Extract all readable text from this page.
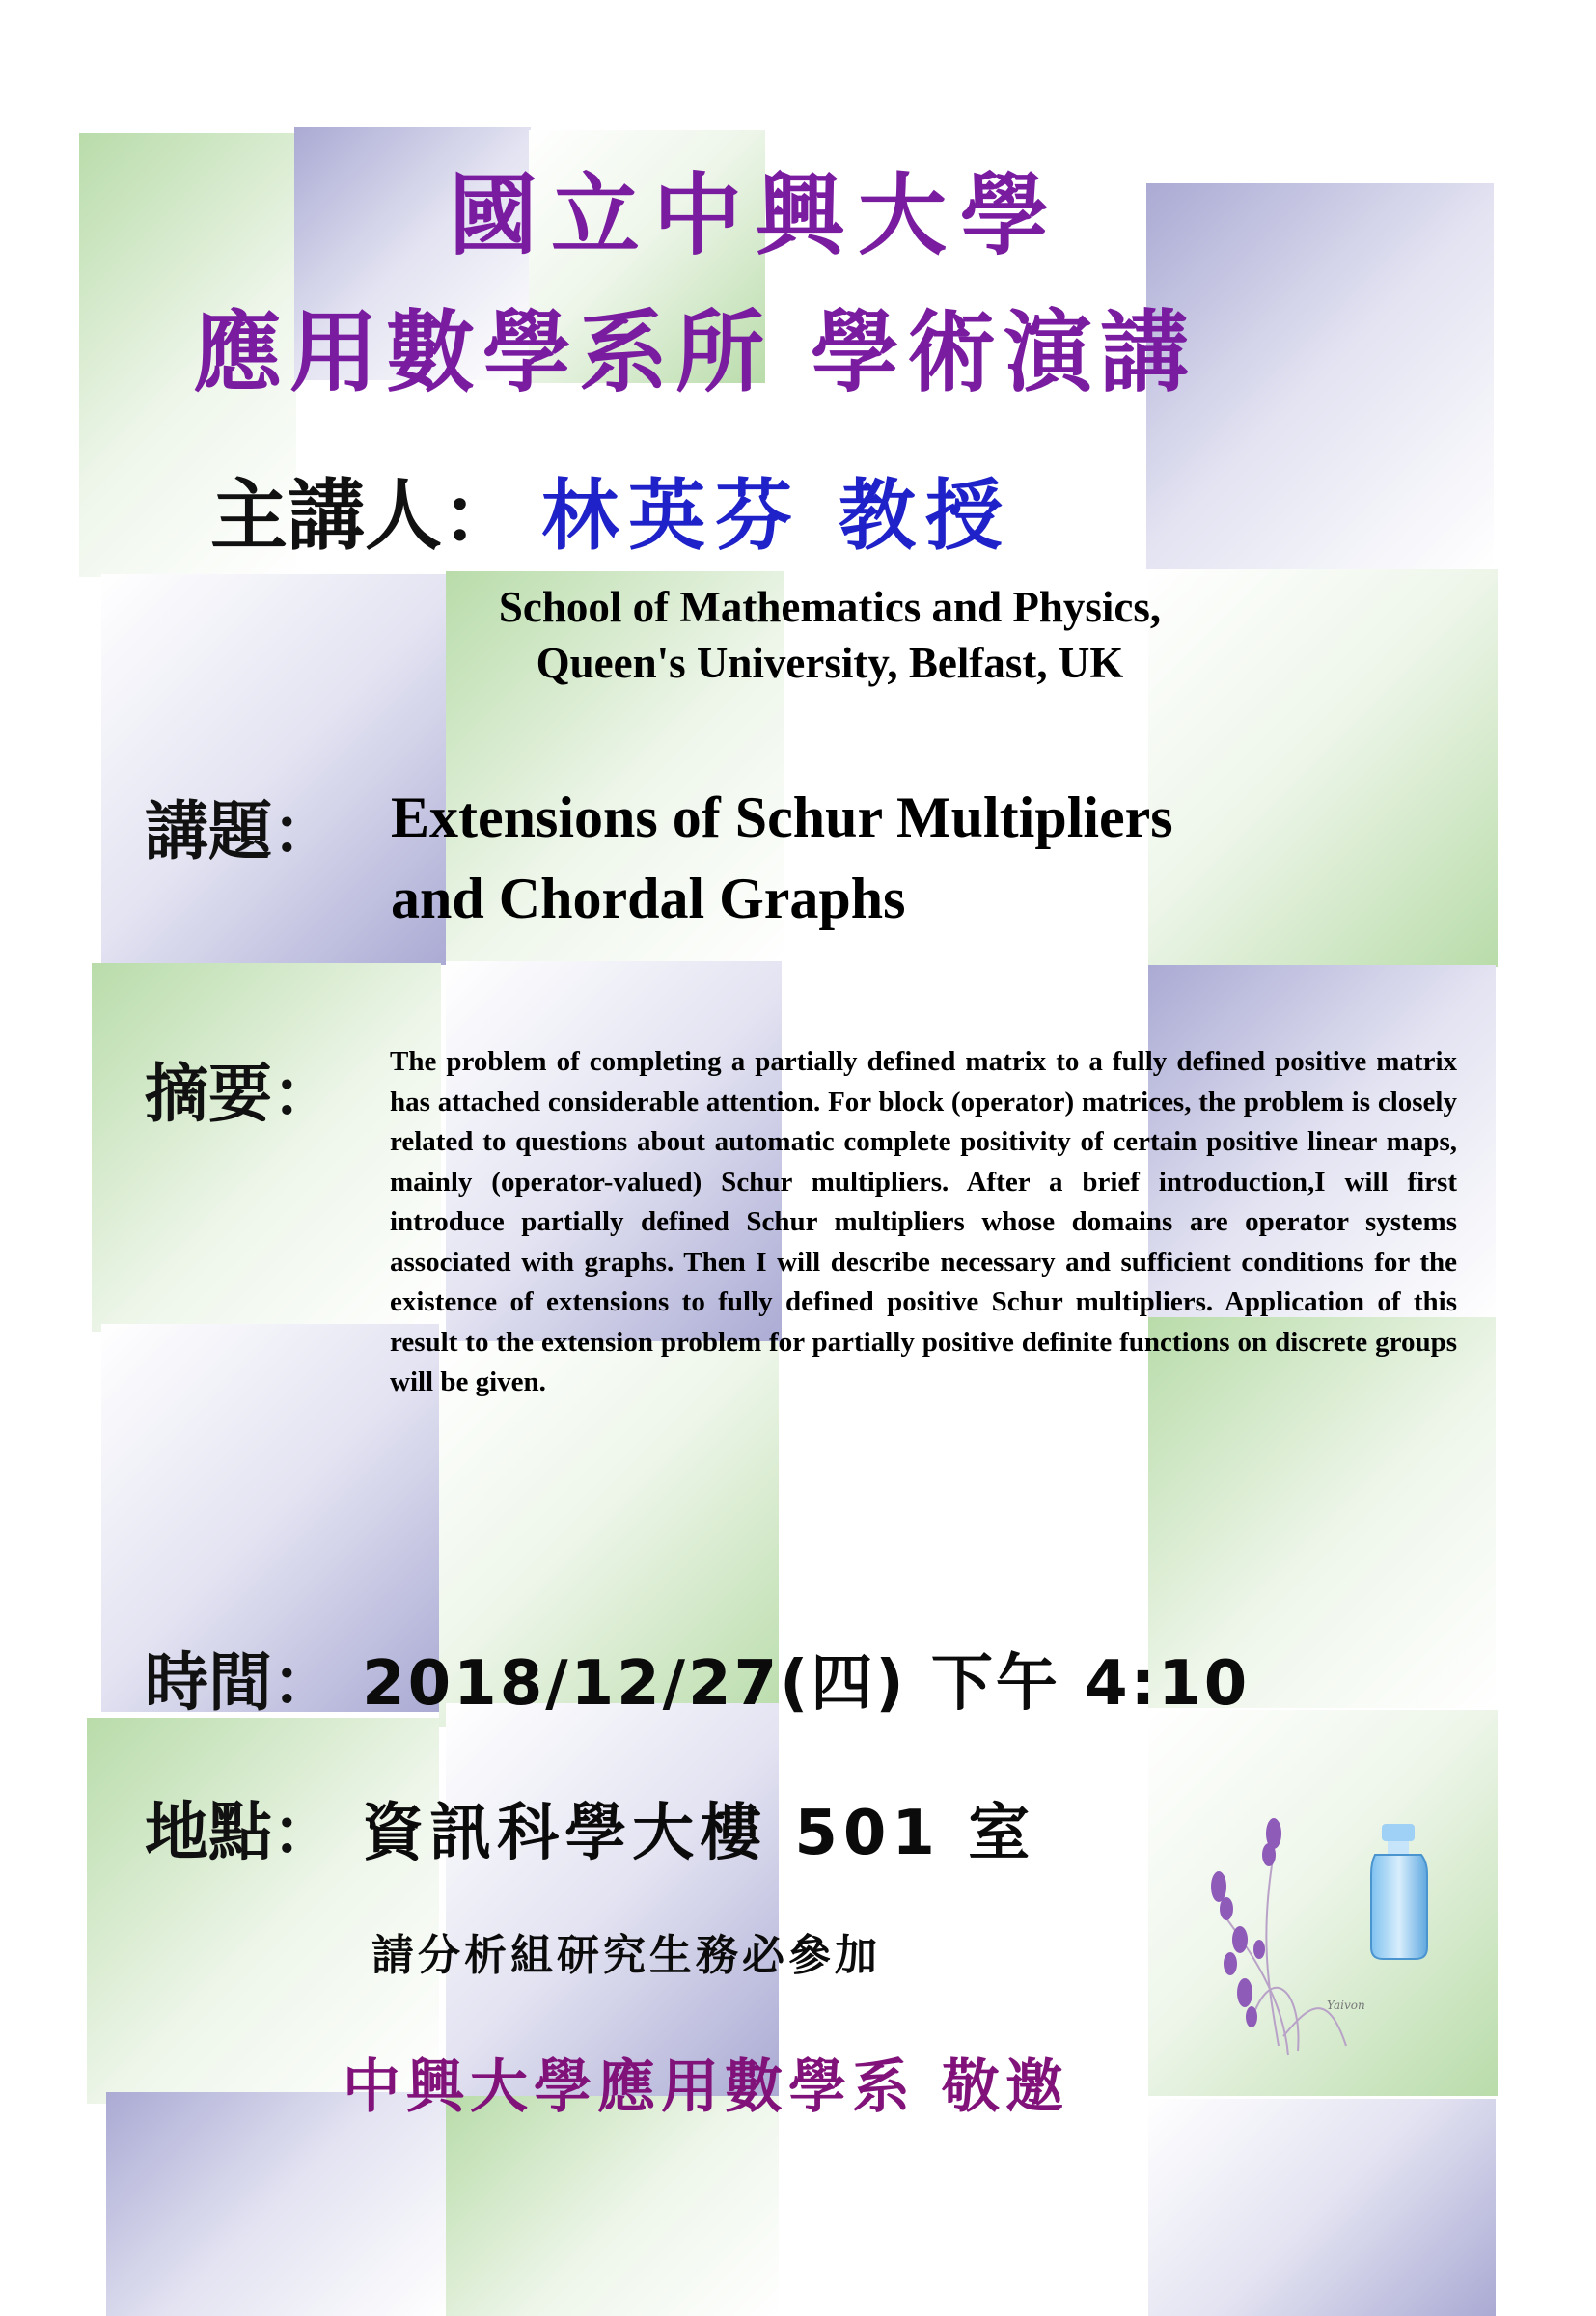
國立中興大學
應用數學系所 學術演講
主講人： 林英芬 教授
School of Mathematics and Physics,
Queen's University, Belfast, UK
講題： Extensions of Schur Multipliers
and Chordal Graphs
摘要： The problem of completing a partially defined matrix to a fully defined positive matrix has attached considerable attention. For block (operator) matrices, the problem is closely related to questions about automatic complete positivity of certain positive linear maps, mainly (operator-valued) Schur multipliers. After a brief introduction,I will first introduce partially defined Schur multipliers whose domains are operator systems associated with graphs. Then I will describe necessary and sufficient conditions for the existence of extensions to fully defined positive Schur multipliers. Application of this result to the extension problem for partially positive definite functions on discrete groups will be given.
時間： 2018/12/27(四) 下午 4:10
地點： 資訊科學大樓 501 室
請分析組研究生務必參加
中興大學應用數學系 敬邀
Yaivon
